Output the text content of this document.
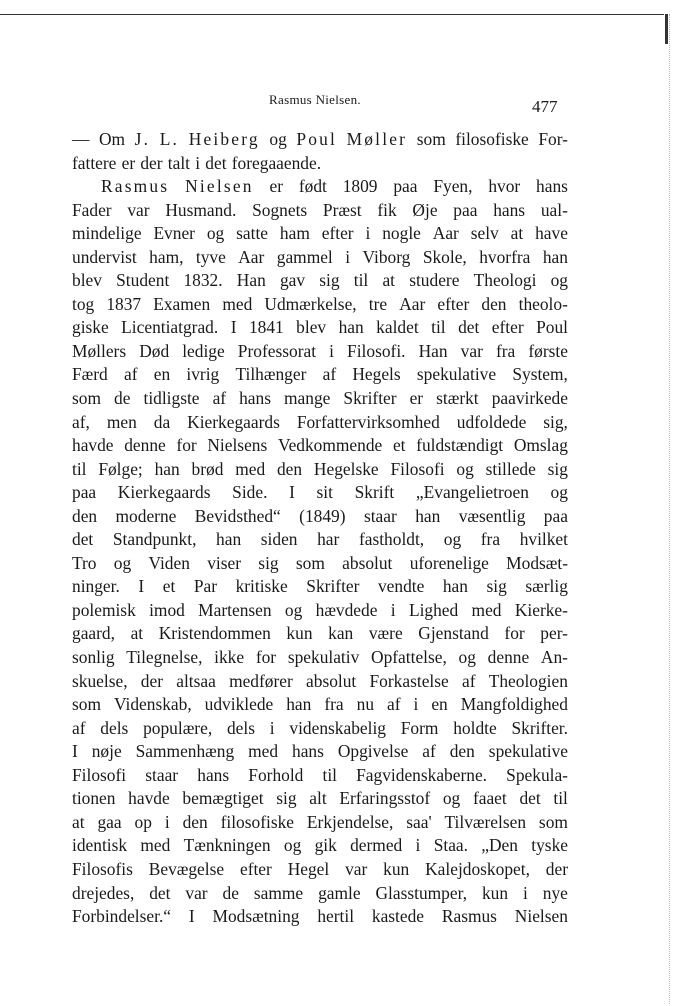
Rasmus Nielsen.	477
— Om J. L. Heiberg og Poul Møller som filosofiske For-
fattere er der talt i det foregaaende.
Rasmus Nielsen er født 1809 paa Fyen, hvor hans
Fader var Husmand. Sognets Præst fik Øje paa hans ual-
mindelige Evner og satte ham efter i nogle Aar selv at have
undervist ham, tyve Aar gammel i Viborg Skole, hvorfra han
blev Student 1832. Han gav sig til at studere Theologi og
tog 1837 Examen med Udmærkelse, tre Aar efter den theolo-
giske Licentiatgrad. I 1841 blev han kaldet til det efter Poul
Møllers Død ledige Professorat i Filosofi. Han var fra første
Færd af en ivrig Tilhænger af Hegels spekulative System,
som de tidligste af hans mange Skrifter er stærkt paavirkede
af, men da Kierkegaards Forfattervirksomhed udfoldede sig,
havde denne for Nielsens Vedkommende et fuldstændigt Omslag
til Følge; han brød med den Hegelske Filosofi og stillede sig
paa Kierkegaards Side. I sit Skrift „Evangelietroen og
den moderne Bevidsthed“ (1849) staar han væsentlig paa
det Standpunkt, han siden har fastholdt, og fra hvilket
Tro og Viden viser sig som absolut uforenelige Modsæt-
ninger. I et Par kritiske Skrifter vendte han sig særlig
polemisk imod Martensen og hævdede i Lighed med Kierke-
gaard, at Kristendommen kun kan være Gjenstand for per-
sonlig Tilegnelse, ikke for spekulativ Opfattelse, og denne An-
skuelse, der altsaa medfører absolut Forkastelse af Theologien
som Videnskab, udviklede han fra nu af i en Mangfoldighed
af dels populære, dels i videnskabelig Form holdte Skrifter.
I nøje Sammenhæng med hans Opgivelse af den spekulative
Filosofi staar hans Forhold til Fagvidenskaberne. Spekula-
tionen havde bemægtiget sig alt Erfaringsstof og faaet det til
at gaa op i den filosofiske Erkjendelse, saa' Tilværelsen som
identisk med Tænkningen og gik dermed i Staa. „Den tyske
Filosofis Bevægelse efter Hegel var kun Kalejdoskopet, der
drejedes, det var de samme gamle Glasstumper, kun i nye
Forbindelser.“ I Modsætning hertil kastede Rasmus Nielsen
